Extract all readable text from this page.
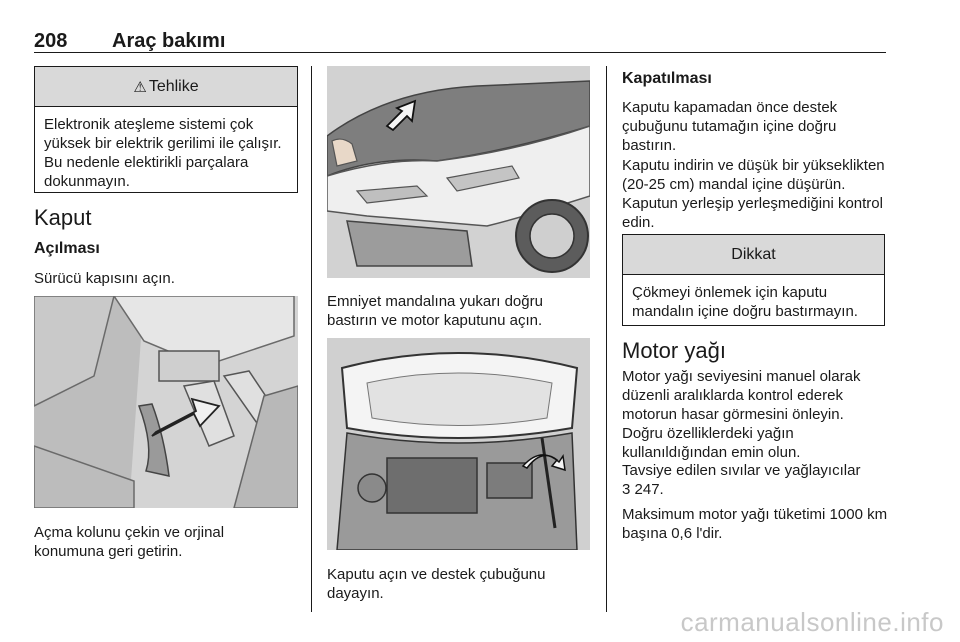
208 Araç bakımı
⚠ Tehlike
Elektronik ateşleme sistemi çok yüksek bir elektrik gerilimi ile çalışır. Bu nedenle elektirikli parçalara dokunmayın.
Kaput
Açılması
Sürücü kapısını açın.
Açma kolunu çekin ve orjinal konumuna geri getirin.
Emniyet mandalına yukarı doğru bastırın ve motor kaputunu açın.
Kaputu açın ve destek çubuğunu dayayın.
Kapatılması
Kaputu kapamadan önce destek çubuğunu tutamağın içine doğru bastırın.
Kaputu indirin ve düşük bir yükseklikten (20-25 cm) mandal içine düşürün. Kaputun yerleşip yerleşmediğini kontrol edin.
Dikkat
Çökmeyi önlemek için kaputu mandalın içine doğru bastırmayın.
Motor yağı
Motor yağı seviyesini manuel olarak düzenli aralıklarda kontrol ederek motorun hasar görmesini önleyin. Doğru özelliklerdeki yağın kullanıldığından emin olun.
Tavsiye edilen sıvılar ve yağlayıcılar
3 247.
Maksimum motor yağı tüketimi 1000 km başına 0,6 l'dir.
carmanualsonline.info
